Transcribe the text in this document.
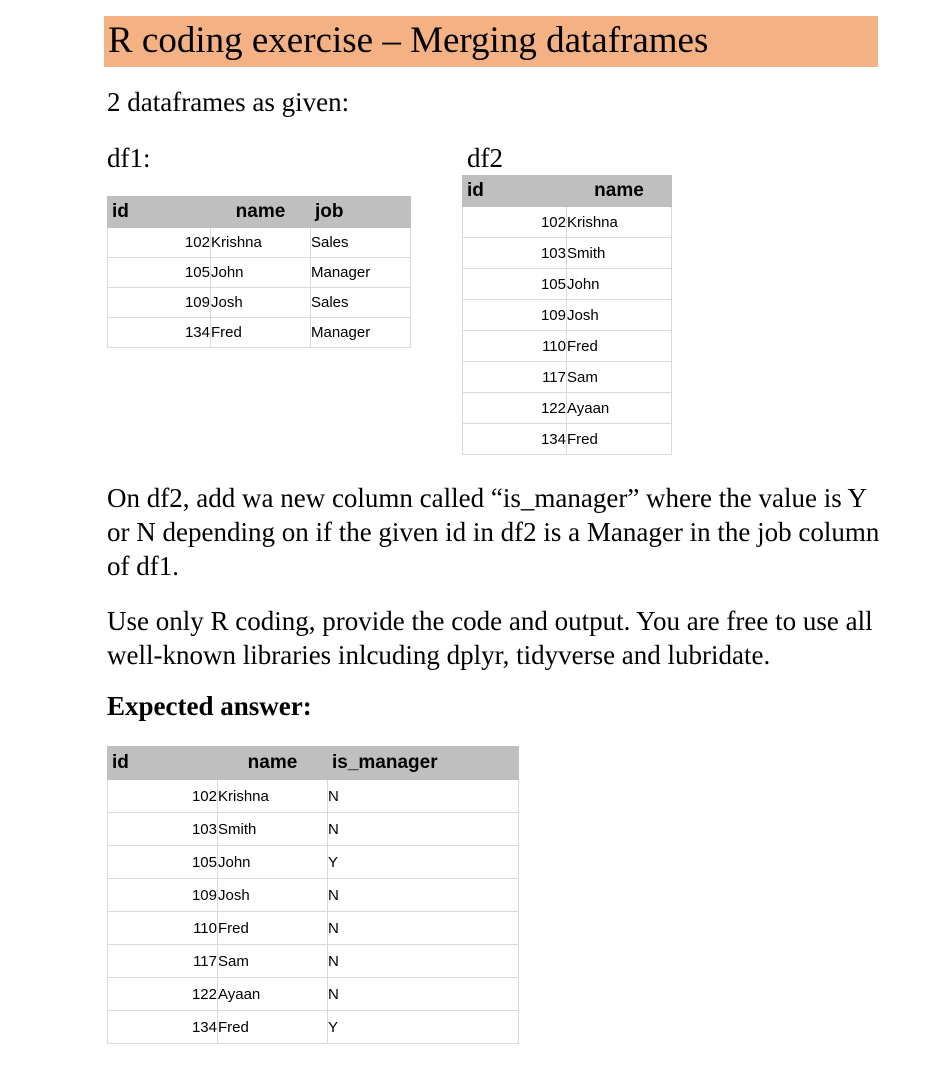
R coding exercise – Merging dataframes
2 dataframes as given:
df1:	df2
id	name	job
102	Krishna	Sales
105	John	Manager
109	Josh	Sales
134	Fred	Manager
id	name
102	Krishna
103	Smith
105	John
109	Josh
110	Fred
117	Sam
122	Ayaan
134	Fred
On df2, add wa new column called “is_manager” where the value is Y or N depending on if the given id in df2 is a Manager in the job column of df1.
Use only R coding, provide the code and output. You are free to use all well-known libraries inlcuding dplyr, tidyverse and lubridate.
Expected answer:
id	name	is_manager
102	Krishna	N
103	Smith	N
105	John	Y
109	Josh	N
110	Fred	N
117	Sam	N
122	Ayaan	N
134	Fred	Y
